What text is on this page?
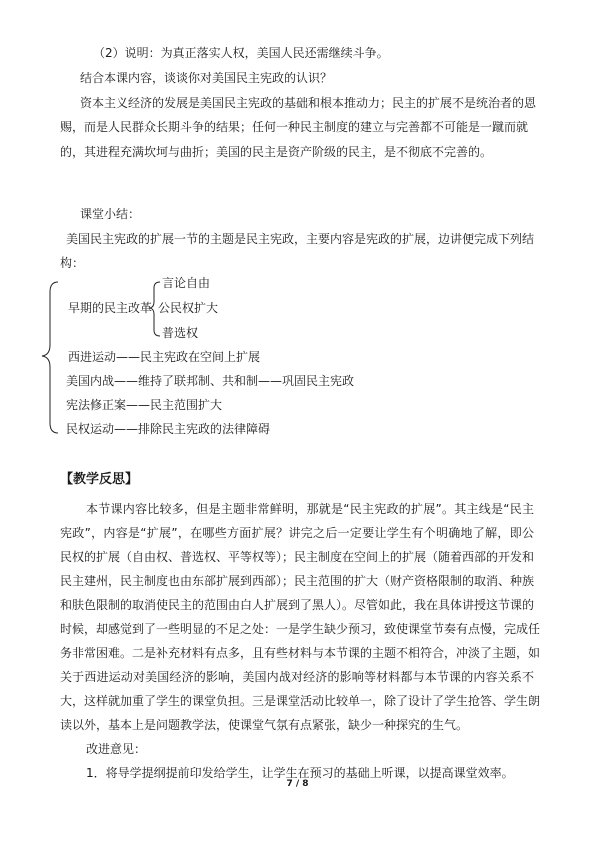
（2）说明：为真正落实人权，美国人民还需继续斗争。
结合本课内容，谈谈你对美国民主宪政的认识？
资本主义经济的发展是美国民主宪政的基础和根本推动力；民主的扩展不是统治者的恩
赐，而是人民群众长期斗争的结果；任何一种民主制度的建立与完善都不可能是一蹴而就
的，其进程充满坎坷与曲折；美国的民主是资产阶级的民主，是不彻底不完善的。
课堂小结：
美国民主宪政的扩展一节的主题是民主宪政，主要内容是宪政的扩展，边讲便完成下列结
构：
言论自由
早期的民主改革 公民权扩大
普选权
西进运动——民主宪政在空间上扩展
美国内战——维持了联邦制、共和制——巩固民主宪政
宪法修正案——民主范围扩大
民权运动——排除民主宪政的法律障碍
【教学反思】
本节课内容比较多，但是主题非常鲜明，那就是“民主宪政的扩展”。其主线是“民主
宪政”，内容是“扩展”，在哪些方面扩展？讲完之后一定要让学生有个明确地了解，即公
民权的扩展（自由权、普选权、平等权等）；民主制度在空间上的扩展（随着西部的开发和
民主建州，民主制度也由东部扩展到西部）；民主范围的扩大（财产资格限制的取消、种族
和肤色限制的取消使民主的范围由白人扩展到了黑人）。尽管如此，我在具体讲授这节课的
时候，却感觉到了一些明显的不足之处：一是学生缺少预习，致使课堂节奏有点慢，完成任
务非常困难。二是补充材料有点多，且有些材料与本节课的主题不相符合，冲淡了主题，如
关于西进运动对美国经济的影响，美国内战对经济的影响等材料都与本节课的内容关系不
大，这样就加重了学生的课堂负担。三是课堂活动比较单一，除了设计了学生抢答、学生朗
读以外，基本上是问题教学法，使课堂气氛有点紧张，缺少一种探究的生气。
改进意见：
1．将导学提纲提前印发给学生，让学生在预习的基础上听课，以提高课堂效率。
7 / 8
